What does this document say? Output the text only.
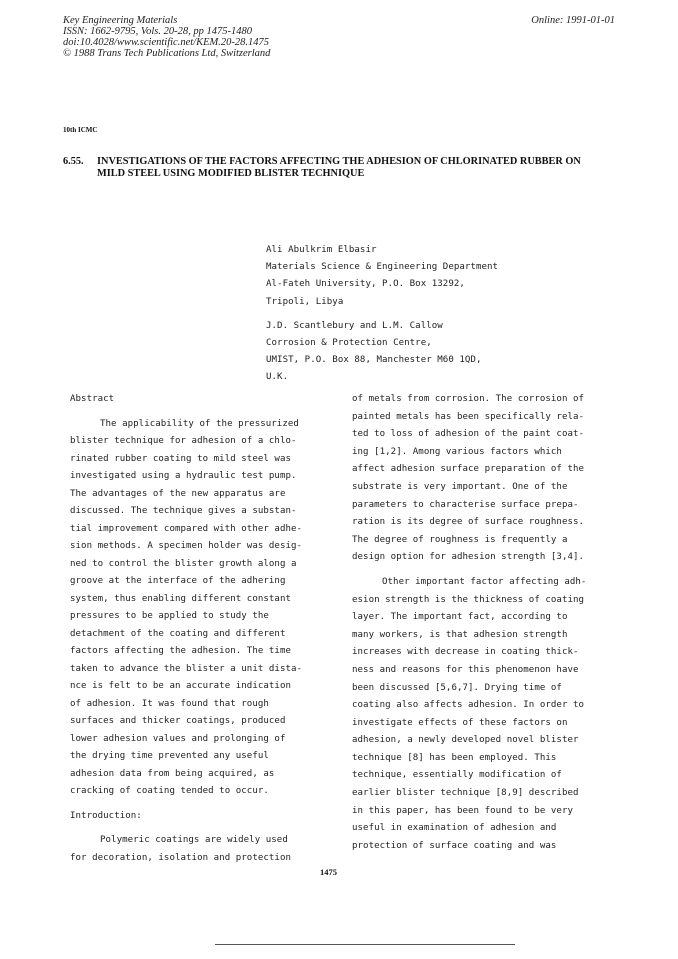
Key Engineering Materials
ISSN: 1662-9795, Vols. 20-28, pp 1475-1480
doi:10.4028/www.scientific.net/KEM.20-28.1475
© 1988 Trans Tech Publications Ltd, Switzerland
Online: 1991-01-01
10th ICMC
6.55. INVESTIGATIONS OF THE FACTORS AFFECTING THE ADHESION OF CHLORINATED RUBBER ON
MILD STEEL USING MODIFIED BLISTER TECHNIQUE
Ali Abulkrim Elbasir
Materials Science & Engineering Department
Al-Fateh University, P.O. Box 13292,
Tripoli, Libya
J.D. Scantlebury and L.M. Callow
Corrosion & Protection Centre,
UMIST, P.O. Box 88, Manchester M60 1QD,
U.K.
Abstract
The applicability of the pressurized
blister technique for adhesion of a chlo-
rinated rubber coating to mild steel was
investigated using a hydraulic test pump.
The advantages of the new apparatus are
discussed. The technique gives a substan-
tial improvement compared with other adhe-
sion methods. A specimen holder was desig-
ned to control the blister growth along a
groove at the interface of the adhering
system, thus enabling different constant
pressures to be applied to study the
detachment of the coating and different
factors affecting the adhesion. The time
taken to advance the blister a unit dista-
nce is felt to be an accurate indication
of adhesion. It was found that rough
surfaces and thicker coatings, produced
lower adhesion values and prolonging of
the drying time prevented any useful
adhesion data from being acquired, as
cracking of coating tended to occur.
Introduction:
Polymeric coatings are widely used
for decoration, isolation and protection
of metals from corrosion. The corrosion of
painted metals has been specifically rela-
ted to loss of adhesion of the paint coat-
ing [1,2]. Among various factors which
affect adhesion surface preparation of the
substrate is very important. One of the
parameters to characterise surface prepa-
ration is its degree of surface roughness.
The degree of roughness is frequently a
design option for adhesion strength [3,4].
Other important factor affecting adh-
esion strength is the thickness of coating
layer. The important fact, according to
many workers, is that adhesion strength
increases with decrease in coating thick-
ness and reasons for this phenomenon have
been discussed [5,6,7]. Drying time of
coating also affects adhesion. In order to
investigate effects of these factors on
adhesion, a newly developed novel blister
technique [8] has been employed. This
technique, essentially modification of
earlier blister technique [8,9] described
in this paper, has been found to be very
useful in examination of adhesion and
protection of surface coating and was
1475
